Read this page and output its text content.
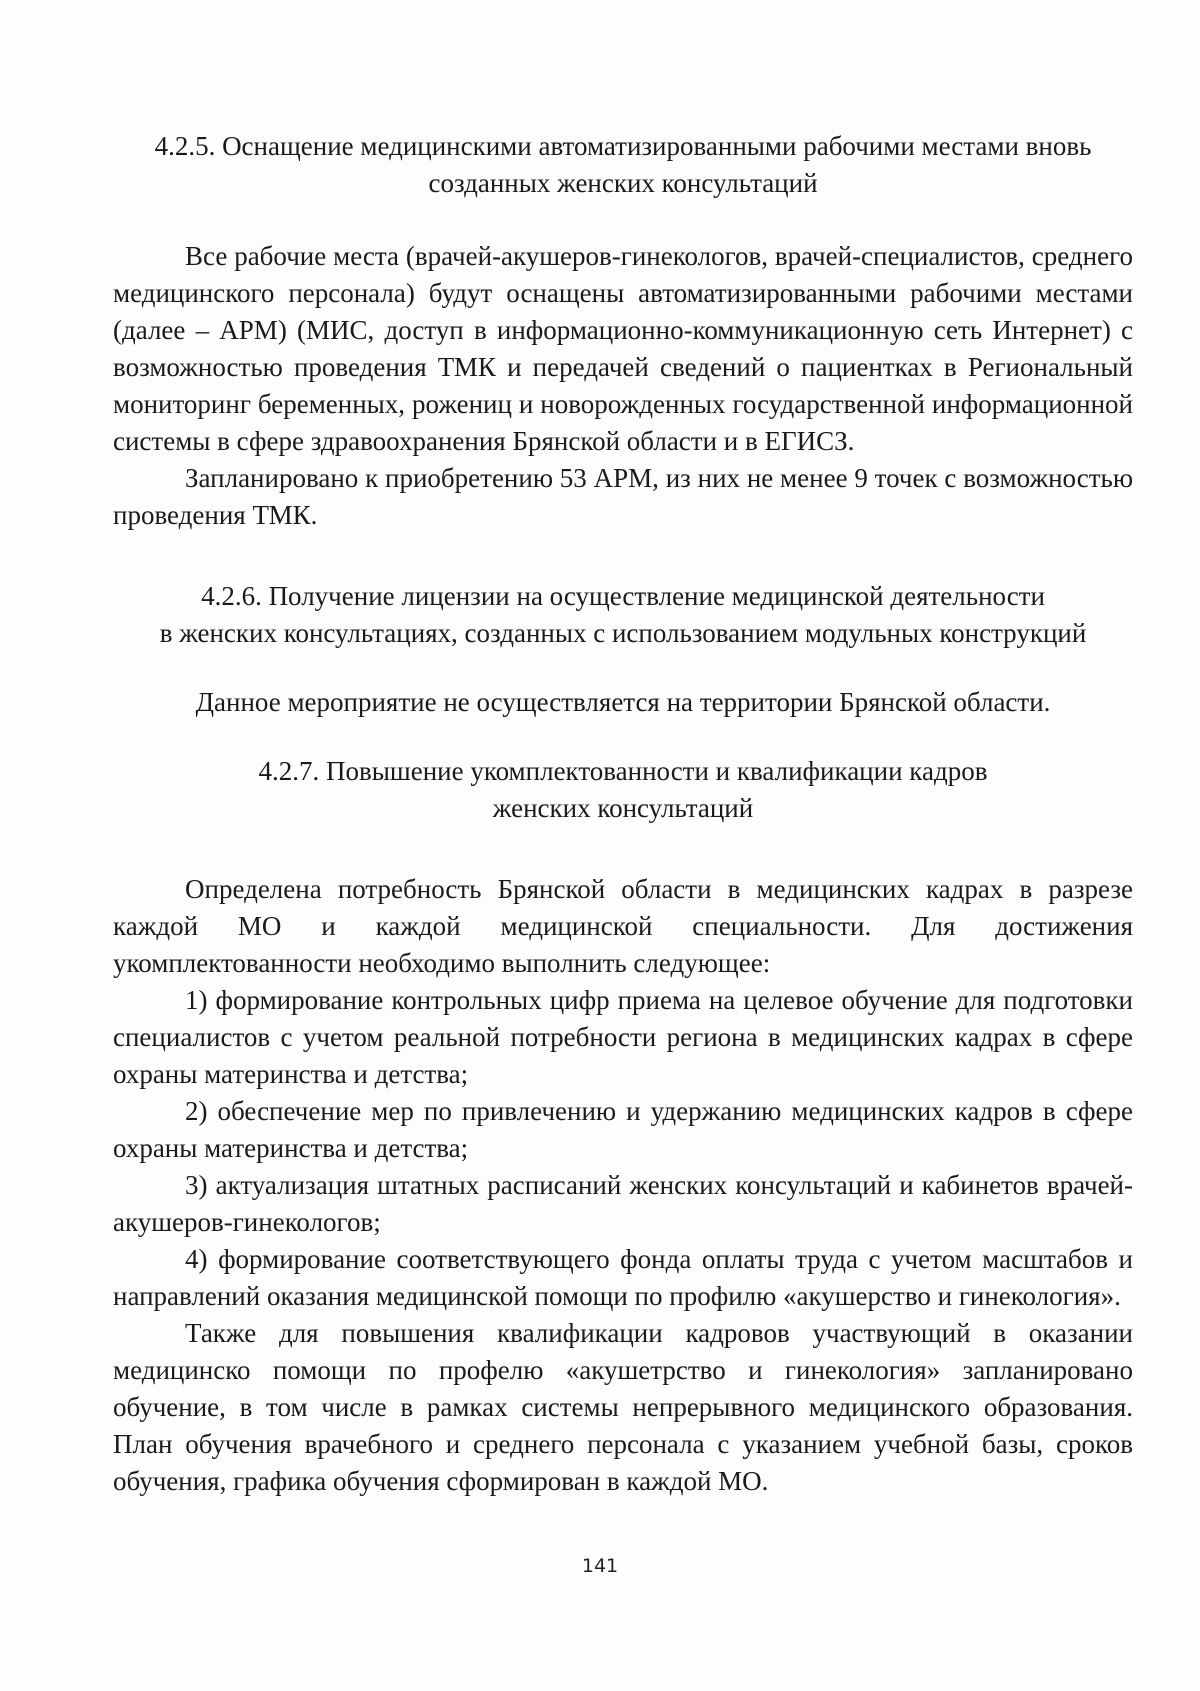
4.2.5. Оснащение медицинскими автоматизированными рабочими местами вновь

созданных женских консультаций

Все рабочие места (врачей-акушеров-гинекологов, врачей-специалистов, среднего медицинского персонала) будут оснащены автоматизированными рабочими местами (далее – АРМ) (МИС, доступ в информационно-коммуникационную сеть Интернет) с возможностью проведения ТМК и передачей сведений о пациентках в Региональный мониторинг беременных, рожениц и новорожденных государственной информационной системы в сфере здравоохранения Брянской области и в ЕГИСЗ.

Запланировано к приобретению 53 АРМ, из них не менее 9 точек с возможностью проведения ТМК.

4.2.6. Получение лицензии на осуществление медицинской деятельности

в женских консультациях, созданных с использованием модульных конструкций

Данное мероприятие не осуществляется на территории Брянской области.

4.2.7. Повышение укомплектованности и квалификации кадров

женских консультаций

Определена потребность Брянской области в медицинских кадрах в разрезе каждой МО и каждой медицинской специальности. Для достижения укомплектованности необходимо выполнить следующее:

1) формирование контрольных цифр приема на целевое обучение для подготовки специалистов с учетом реальной потребности региона в медицинских кадрах в сфере охраны материнства и детства;

2) обеспечение мер по привлечению и удержанию медицинских кадров в сфере охраны материнства и детства;

3) актуализация штатных расписаний женских консультаций и кабинетов врачей-акушеров-гинекологов;

4) формирование соответствующего фонда оплаты труда с учетом масштабов и направлений оказания медицинской помощи по профилю «акушерство и гинекология».

Также для повышения квалификации кадровов участвующий в оказании медицинско помощи по профелю «акушетрство и гинекология» запланировано обучение, в том числе в рамках системы непрерывного медицинского образования. План обучения врачебного и среднего персонала с указанием учебной базы, сроков обучения, графика обучения сформирован в каждой МО.

141
